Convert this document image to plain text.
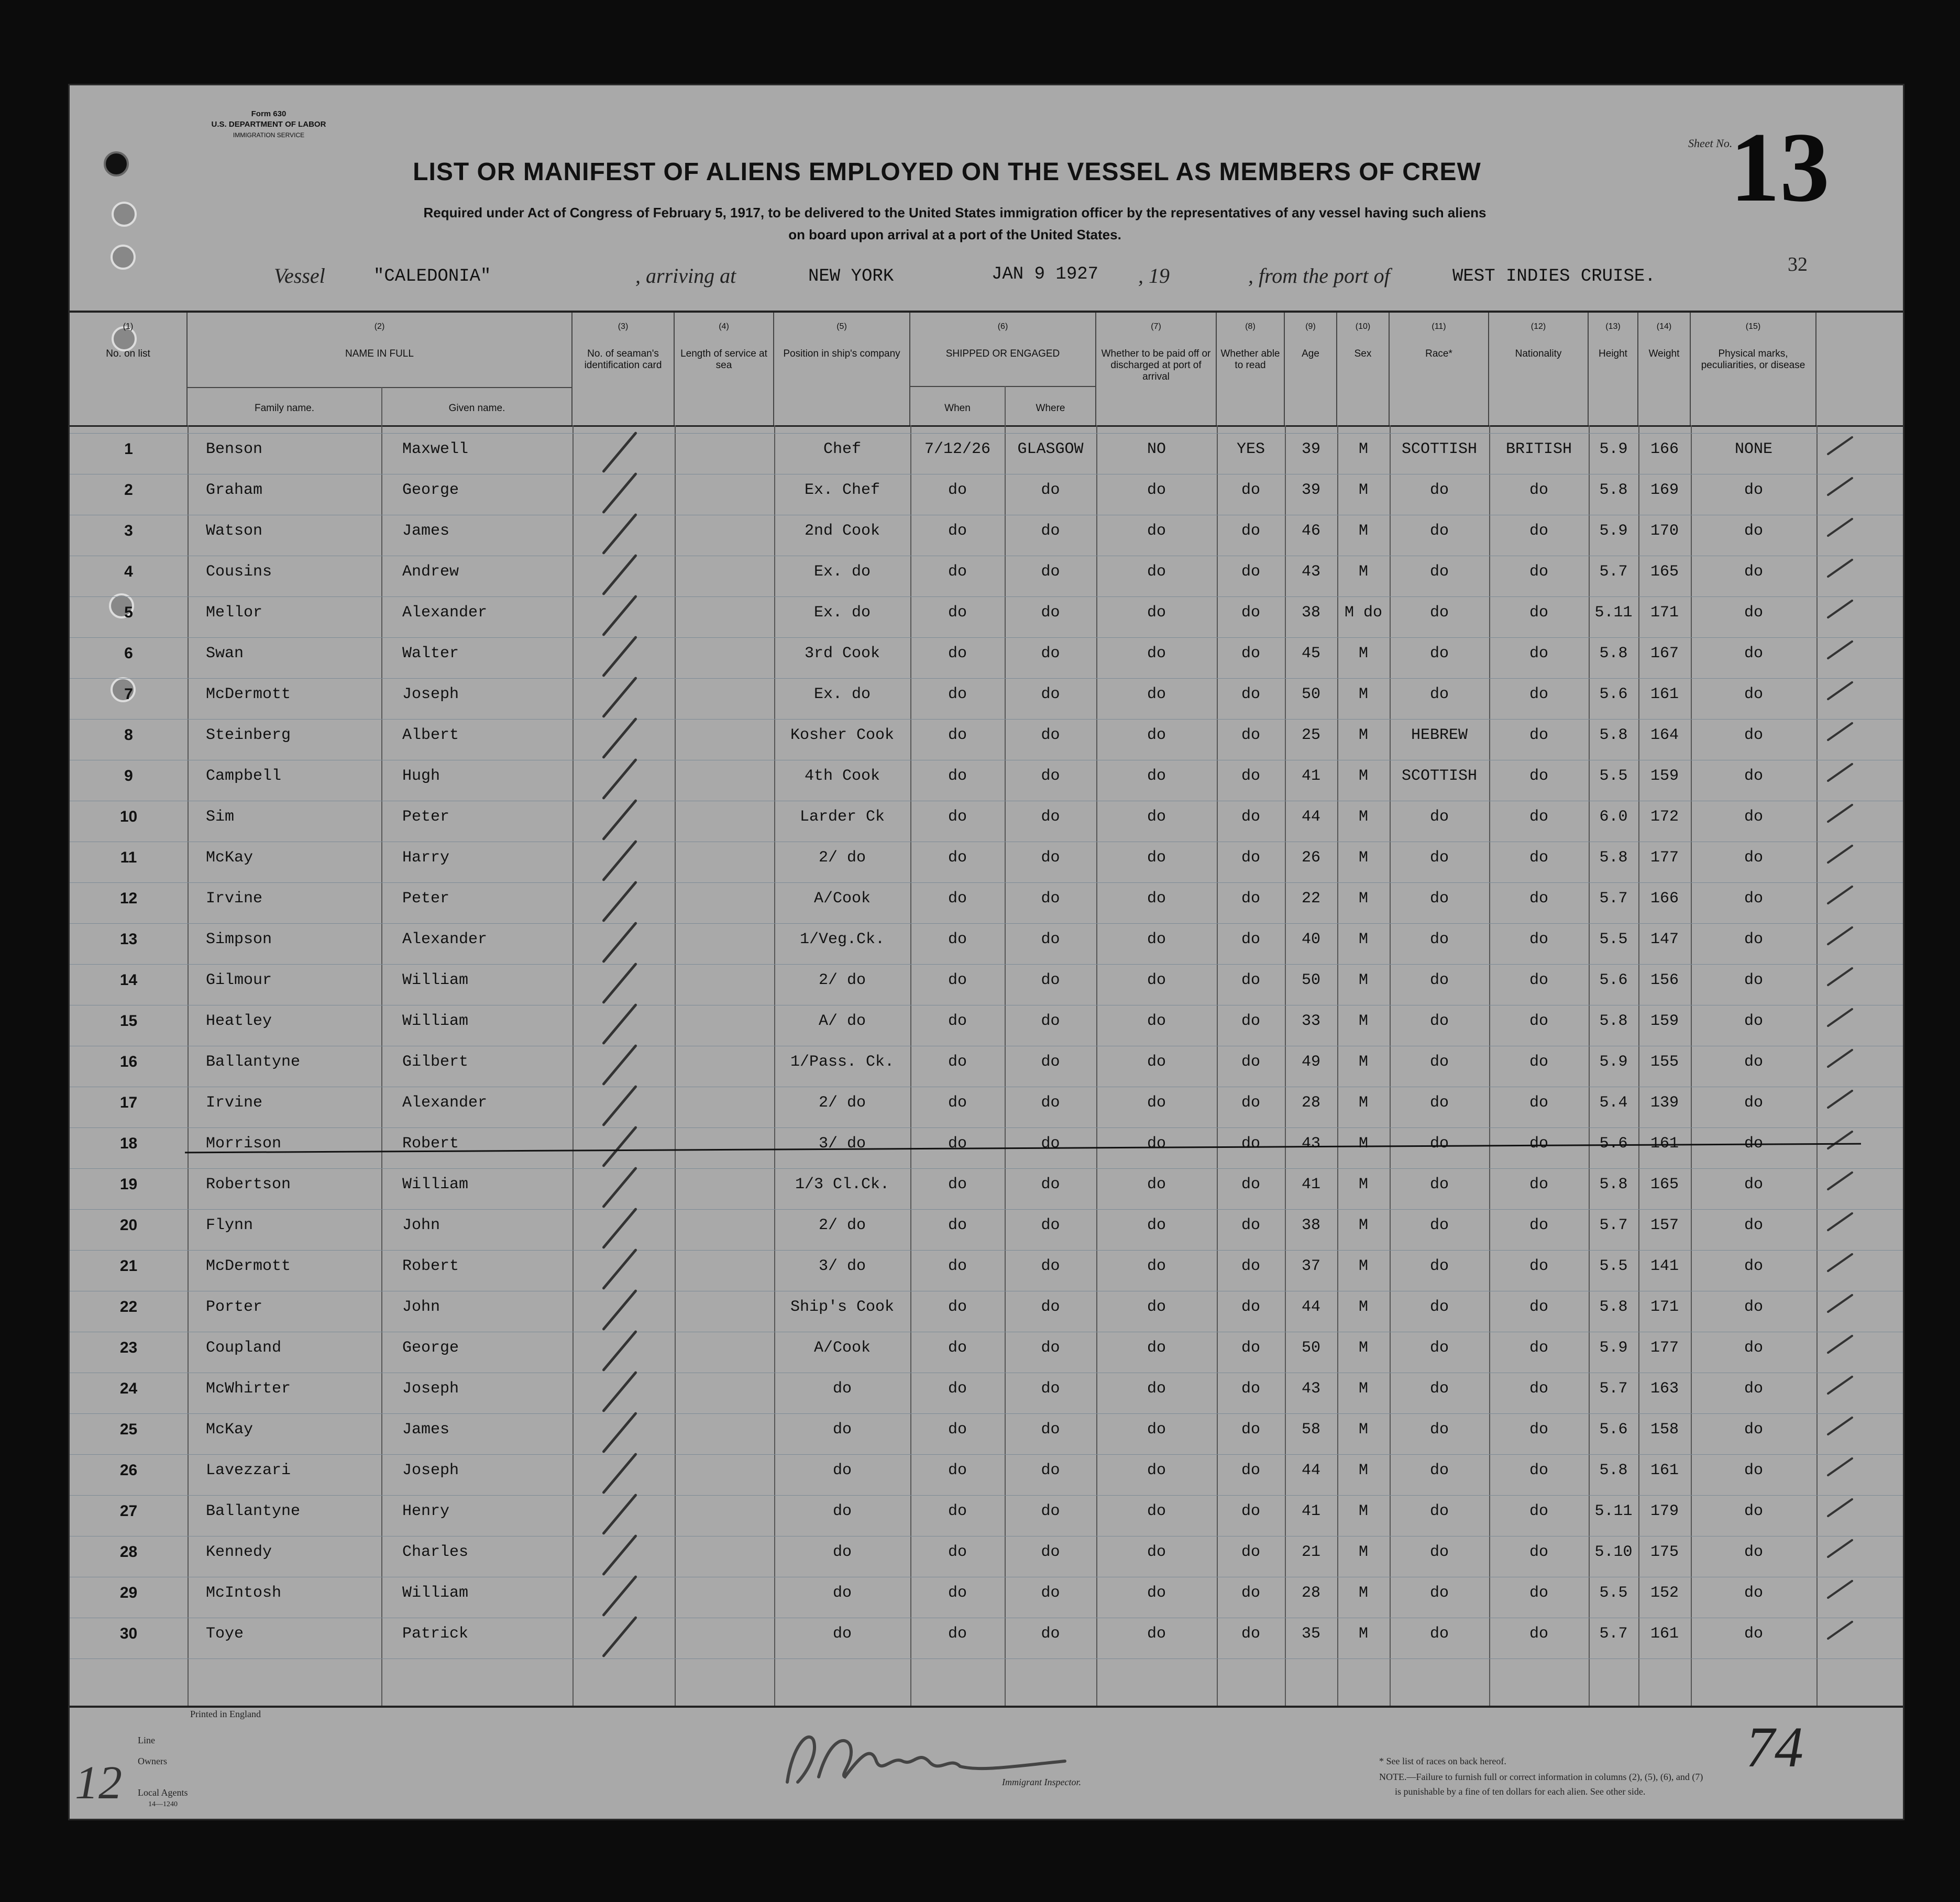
Form 630
U.S. DEPARTMENT OF LABOR
IMMIGRATION SERVICE
LIST OR MANIFEST OF ALIENS EMPLOYED ON THE VESSEL AS MEMBERS OF CREW
Required under Act of Congress of February 5, 1917, to be delivered to the United States immigration officer by the representatives of any vessel having such aliens
on board upon arrival at a port of the United States.
Sheet No.
13
32
Vessel	"CALEDONIA"	, arriving at	NEW YORK	JAN 9 1927 , 19	, from the port of	WEST INDIES CRUISE.
(1)
No. on list
(2)
NAME IN FULL
(3)
No. of seaman's identification card
(4)
Length of service at sea
(5)
Position in ship's company
(6)
SHIPPED OR ENGAGED
(7)
Whether to be paid off or discharged at port of arrival
(8)
Whether able to read
(9)
Age
(10)
Sex
(11)
Race*
(12)
Nationality
(13)
Height
(14)
Weight
(15)
Physical marks, peculiarities, or disease
Family name.	Given name.	When	Where
1	Benson	Maxwell	Chef	7/12/26	GLASGOW	NO	YES	39	M	SCOTTISH	BRITISH	5.9	166	NONE
2	Graham	George	Ex. Chef	do	do	do	do	39	M	do	do	5.8	169	do
3	Watson	James	2nd Cook	do	do	do	do	46	M	do	do	5.9	170	do
4	Cousins	Andrew	Ex. do	do	do	do	do	43	M	do	do	5.7	165	do
5	Mellor	Alexander	Ex. do	do	do	do	do	38	M do	do	do	5.11	171	do
6	Swan	Walter	3rd Cook	do	do	do	do	45	M	do	do	5.8	167	do
7	McDermott	Joseph	Ex. do	do	do	do	do	50	M	do	do	5.6	161	do
8	Steinberg	Albert	Kosher Cook	do	do	do	do	25	M	HEBREW	do	5.8	164	do
9	Campbell	Hugh	4th Cook	do	do	do	do	41	M	SCOTTISH	do	5.5	159	do
10	Sim	Peter	Larder Ck	do	do	do	do	44	M	do	do	6.0	172	do
11	McKay	Harry	2/ do	do	do	do	do	26	M	do	do	5.8	177	do
12	Irvine	Peter	A/Cook	do	do	do	do	22	M	do	do	5.7	166	do
13	Simpson	Alexander	1/Veg.Ck.	do	do	do	do	40	M	do	do	5.5	147	do
14	Gilmour	William	2/ do	do	do	do	do	50	M	do	do	5.6	156	do
15	Heatley	William	A/ do	do	do	do	do	33	M	do	do	5.8	159	do
16	Ballantyne	Gilbert	1/Pass. Ck.	do	do	do	do	49	M	do	do	5.9	155	do
17	Irvine	Alexander	2/ do	do	do	do	do	28	M	do	do	5.4	139	do
18	Morrison	Robert	3/ do	do	do	do	do	43	M	do	do	5.6	161	do
19	Robertson	William	1/3 Cl.Ck.	do	do	do	do	41	M	do	do	5.8	165	do
20	Flynn	John	2/ do	do	do	do	do	38	M	do	do	5.7	157	do
21	McDermott	Robert	3/ do	do	do	do	do	37	M	do	do	5.5	141	do
22	Porter	John	Ship's Cook	do	do	do	do	44	M	do	do	5.8	171	do
23	Coupland	George	A/Cook	do	do	do	do	50	M	do	do	5.9	177	do
24	McWhirter	Joseph	do	do	do	do	do	43	M	do	do	5.7	163	do
25	McKay	James	do	do	do	do	do	58	M	do	do	5.6	158	do
26	Lavezzari	Joseph	do	do	do	do	do	44	M	do	do	5.8	161	do
27	Ballantyne	Henry	do	do	do	do	do	41	M	do	do	5.11	179	do
28	Kennedy	Charles	do	do	do	do	do	21	M	do	do	5.10	175	do
29	McIntosh	William	do	do	do	do	do	28	M	do	do	5.5	152	do
30	Toye	Patrick	do	do	do	do	do	35	M	do	do	5.7	161	do
Printed in England
Line
Owners
Local Agents
14—1240
12	Immigrant Inspector.
* See list of races on back hereof.
NOTE.—Failure to furnish full or correct information in columns (2), (5), (6), and (7)
is punishable by a fine of ten dollars for each alien. See other side.
74
